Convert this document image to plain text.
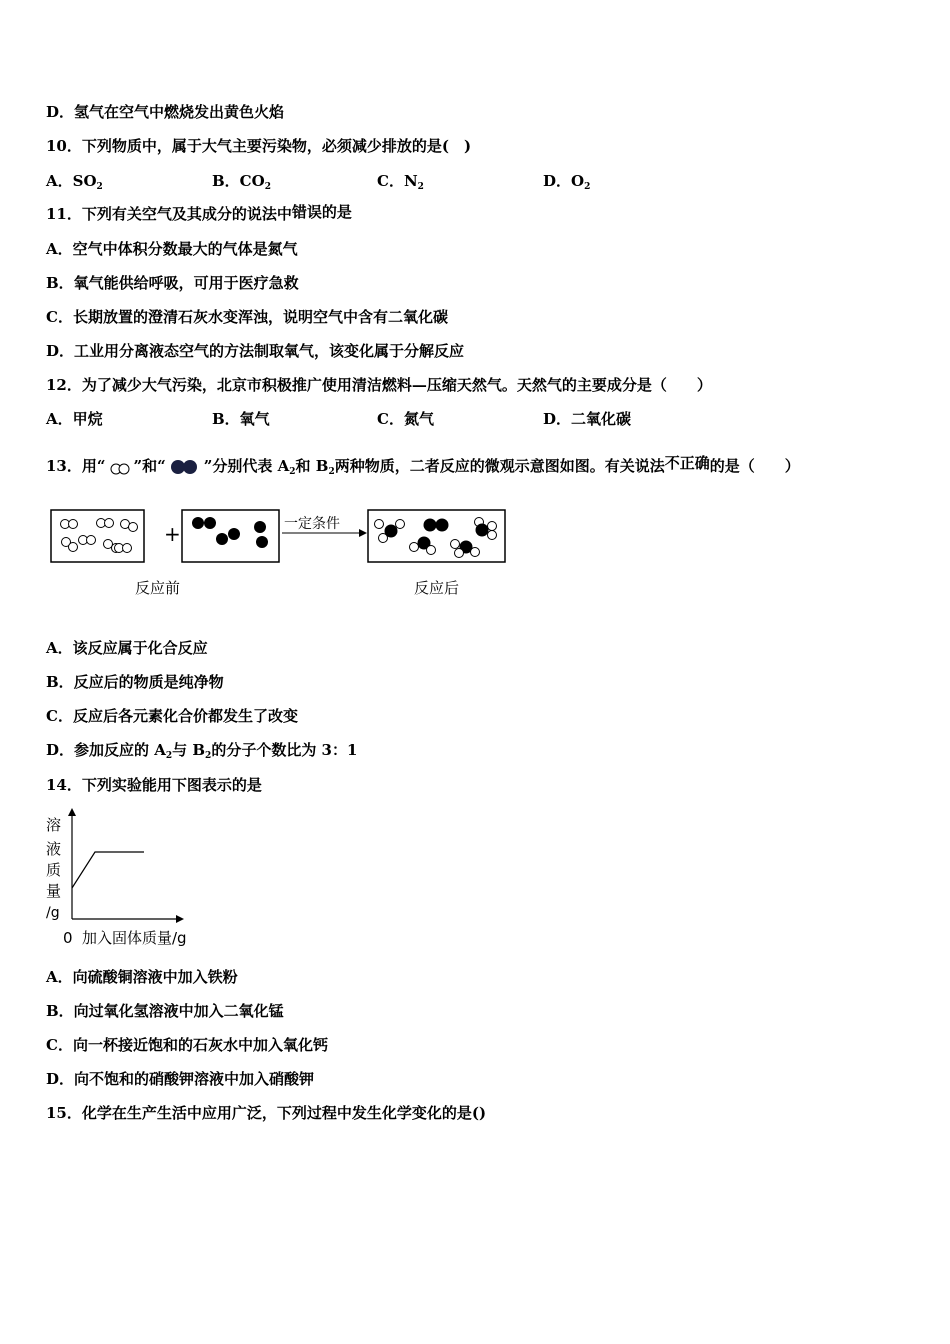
D．氢气在空气中燃烧发出黄色火焰
10．下列物质中，属于大气主要污染物，必须减少排放的是(　)
A．$SO_2$	B．$CO_2$	C．$N_2$	D．$O_2$
11．下列有关空气及其成分的说法中错误的是
A．空气中体积分数最大的气体是氮气
B．氧气能供给呼吸，可用于医疗急救
C．长期放置的澄清石灰水变浑浊，说明空气中含有二氧化碳
D．工业用分离液态空气的方法制取氧气，该变化属于分解反应
12．为了减少大气污染，北京市积极推广使用清洁燃料—压缩天然气。天然气的主要成分是（　　）
A．甲烷	B．氧气	C．氮气	D．二氧化碳
13．用“ ”和“	”分别代表 $A_2$和 $B_2$两种物质，二者反应的微观示意图如图。有关说法不正确的是（　　）
+	一定条件
反应前	反应后
A．该反应属于化合反应
B．反应后的物质是纯净物
C．反应后各元素化合价都发生了改变
D．参加反应的 $A_2$与 $B_2$的分子个数比为 3：1
14．下列实验能用下图表示的是
溶
液
质
量
/g
0 加入固体质量/g
A．向硫酸铜溶液中加入铁粉
B．向过氧化氢溶液中加入二氧化锰
C．向一杯接近饱和的石灰水中加入氧化钙
D．向不饱和的硝酸钾溶液中加入硝酸钾
15．化学在生产生活中应用广泛，下列过程中发生化学变化的是()
